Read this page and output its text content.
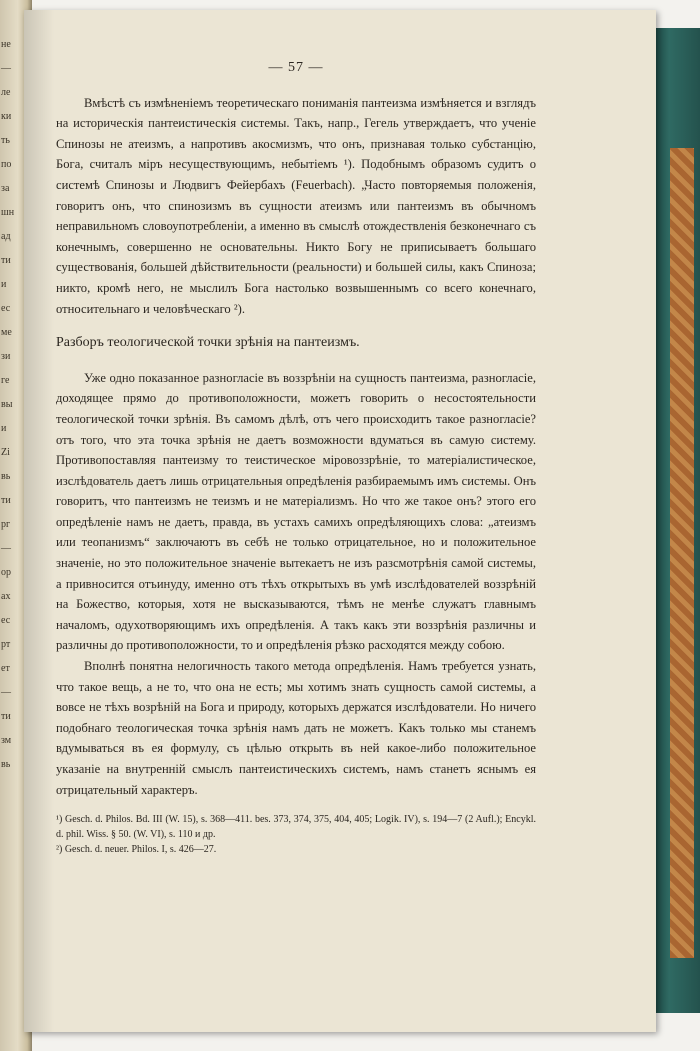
не
—
ле
ки
ть
по
за
шн
ад
ти
и
ес
ме
зи
ге
вы
и
Zi
вь
ти
рг
—
ор
ах
ес
рт
ет
—
ти
зм
вь
— 57 —

Вмѣстѣ съ измѣненіемъ теоретическаго пониманія пантеизма измѣняется и взглядъ на историческія пантеистическія системы. Такъ, напр., Гегель утверждаетъ, что ученіе Спинозы не атеизмъ, а напротивъ акосмизмъ, что онъ, признавая только субстанцію, Бога, считалъ міръ несуществующимъ, небытіемъ ¹). Подобнымъ образомъ судитъ о системѣ Спинозы и Людвигъ Фейербахъ (Feuerbach). „Часто повторяемыя положенія, говоритъ онъ, что спинозизмъ въ сущности атеизмъ или пантеизмъ въ обычномъ неправильномъ словоупотребленіи, а именно въ смыслѣ отождествленія безконечнаго съ конечнымъ, совершенно не основательны. Никто Богу не приписываетъ большаго существованія, большей дѣйствительности (реальности) и большей силы, какъ Спиноза; никто, кромѣ него, не мыслилъ Бога настолько возвышеннымъ со всего конечнаго, относительнаго и человѣческаго ²).

Разборъ теологической точки зрѣнія на пантеизмъ.

Уже одно показанное разногласіе въ воззрѣніи на сущность пантеизма, разногласіе, доходящее прямо до противоположности, можетъ говорить о несостоятельности теологической точки зрѣнія. Въ самомъ дѣлѣ, отъ чего происходитъ такое разногласіе? отъ того, что эта точка зрѣнія не даетъ возможности вдуматься въ самую систему. Противопоставляя пантеизму то теистическое міровоззрѣніе, то матеріалистическое, изслѣдователь даетъ лишь отрицательныя опредѣленія разбираемымъ имъ системы. Онъ говоритъ, что пантеизмъ не теизмъ и не матеріализмъ. Но что же такое онъ? этого его опредѣленіе намъ не даетъ, правда, въ устахъ самихъ опредѣляющихъ слова: „атеизмъ или теопанизмъ“ заключаютъ въ себѣ не только отрицательное, но и положительное значеніе, но это положительное значеніе вытекаетъ не изъ разсмотрѣнія самой системы, а привносится отъинуду, именно отъ тѣхъ открытыхъ въ умѣ изслѣдователей воззрѣній на Божество, которыя, хотя не высказываются, тѣмъ не менѣе служатъ главнымъ началомъ, одухотворяющимъ ихъ опредѣленія. А такъ какъ эти воззрѣнія различны и различны до противоположности, то и опредѣленія рѣзко расходятся между собою.

Вполнѣ понятна нелогичность такого метода опредѣленія. Намъ требуется узнать, что такое вещь, а не то, что она не есть; мы хотимъ знать сущность самой системы, а вовсе не тѣхъ возрѣній на Бога и природу, которыхъ держатся изслѣдователи. Но ничего подобнаго теологическая точка зрѣнія намъ дать не можетъ. Какъ только мы станемъ вдумываться въ ея формулу, съ цѣлью открыть въ ней какое-либо положительное указаніе на внутренній смыслъ пантеистическихъ системъ, намъ станетъ яснымъ ея отрицательный характеръ.

¹) Gesch. d. Philos. Bd. III (W. 15), s. 368—411. bes. 373, 374, 375, 404, 405; Logik. IV), s. 194—7 (2 Aufl.); Encykl. d. phil. Wiss. § 50. (W. VI), s. 110 и др.

²) Gesch. d. neuer. Philos. I, s. 426—27.
